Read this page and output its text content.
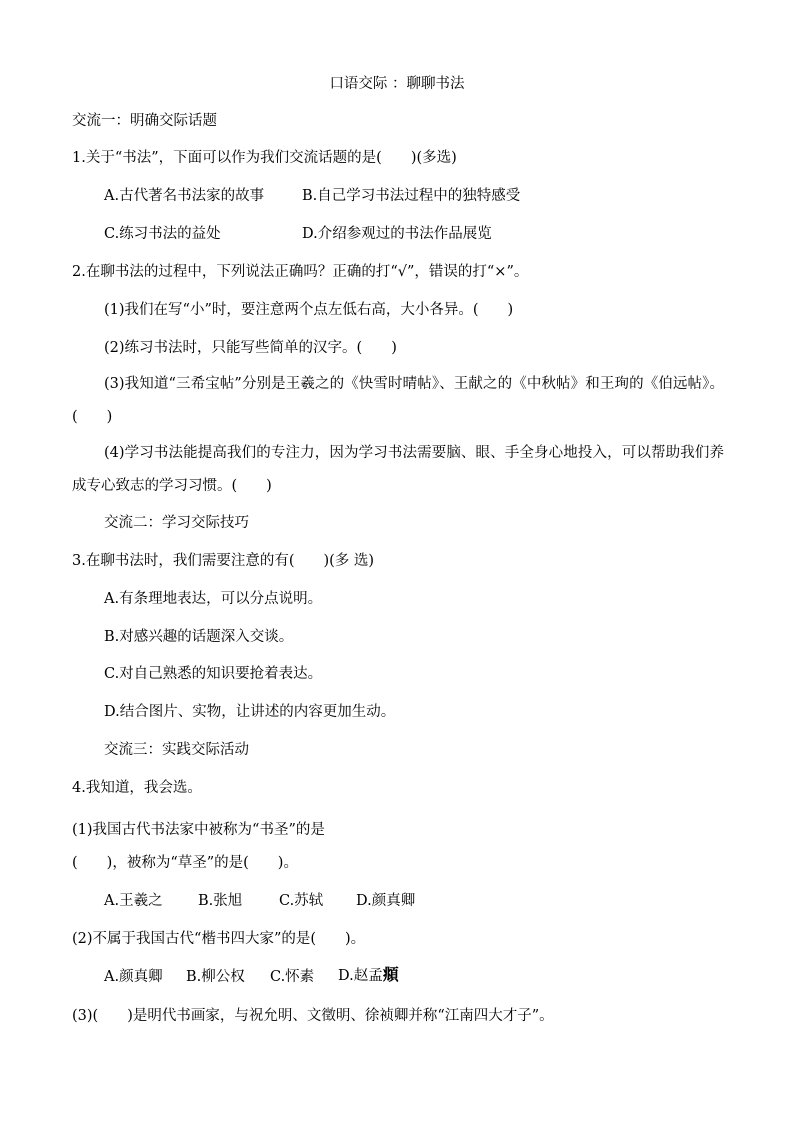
口语交际 ：聊聊书法
交流一：明确交际话题
1.关于“书法”，下面可以作为我们交流话题的是(　　)(多选)
A.古代著名书法家的故事	B.自己学习书法过程中的独特感受
C.练习书法的益处	D.介绍参观过的书法作品展览
2.在聊书法的过程中，下列说法正确吗？正确的打“√”，错误的打“×”。
(1)我们在写“小”时，要注意两个点左低右高，大小各异。(　　)
(2)练习书法时，只能写些简单的汉字。(　　)
(3)我知道“三希宝帖”分别是王羲之的《快雪时晴帖》、王献之的《中秋帖》和王珣的《伯远帖》。(　　)
(4)学习书法能提高我们的专注力，因为学习书法需要脑、眼、手全身心地投入，可以帮助我们养成专心致志的学习习惯。(　　)
交流二：学习交际技巧
3.在聊书法时，我们需要注意的有(　　)(多 选)
A.有条理地表达，可以分点说明。
B.对感兴趣的话题深入交谈。
C.对自己熟悉的知识要抢着表达。
D.结合图片、实物，让讲述的内容更加生动。
交流三：实践交际活动
4.我知道，我会选。
(1)我国古代书法家中被称为“书圣”的是
(　　)，被称为“草圣”的是(　　)。
A.王羲之 B.张旭	C.苏轼 D.颜真卿
(2)不属于我国古代“楷书四大家”的是(　　)。
A.颜真卿 B.柳公权 C.怀素 D.赵孟頫
(3)(　　)是明代书画家，与祝允明、文徵明、徐祯卿并称“江南四大才子”。
